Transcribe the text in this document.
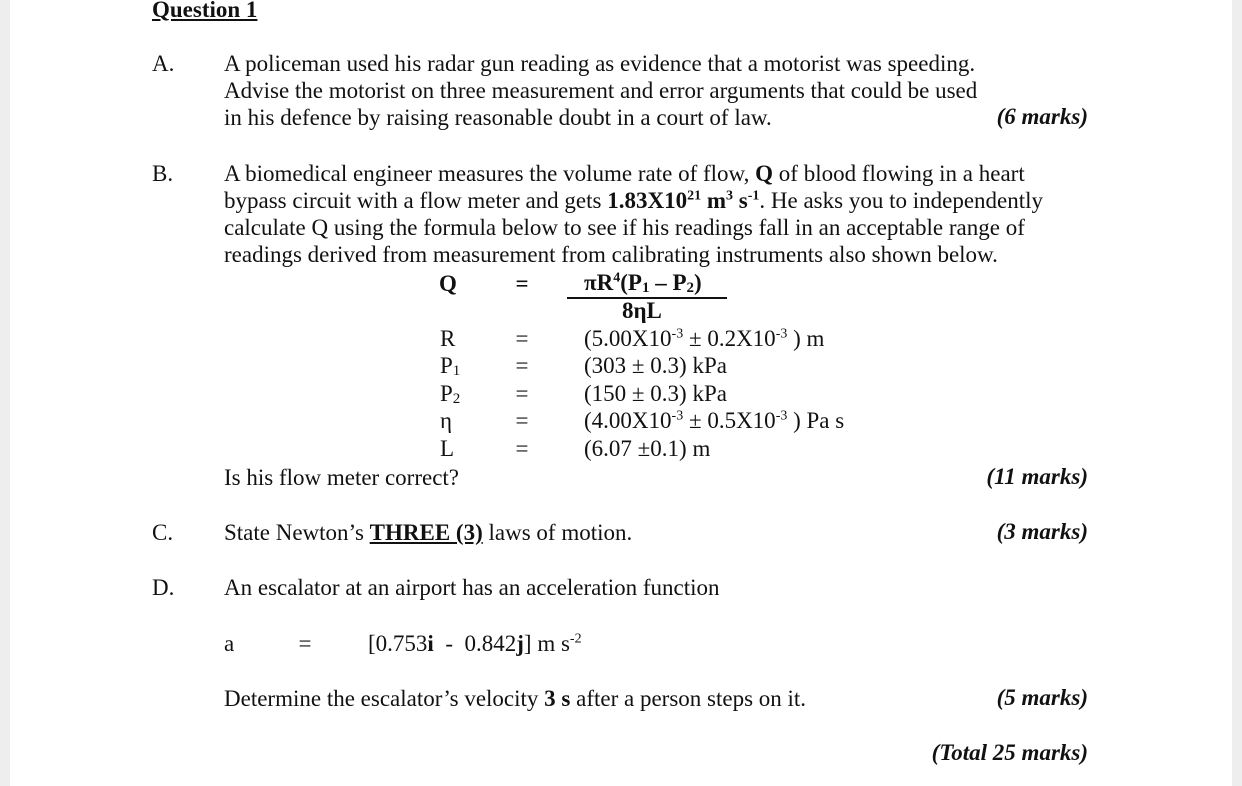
Question 1
A. A policeman used his radar gun reading as evidence that a motorist was speeding.
Advise the motorist on three measurement and error arguments that could be used
in his defence by raising reasonable doubt in a court of law.	(6 marks)
B. A biomedical engineer measures the volume rate of flow, Q of blood flowing in a heart
bypass circuit with a flow meter and gets $1.83X10^{21}$ $m^3$ $s^{-1}$. He asks you to independently
calculate Q using the formula below to see if his readings fall in an acceptable range of
readings derived from measurement from calibrating instruments also shown below.
Q	=	$\pi R^4(P_1 - P_2)$
8ηL
R	=	($5.00X10^{-3} \pm 0.2X10^{-3}$ ) m
$P_1$	=	(303 ± 0.3) kPa
$P_2$	=	(150 ± 0.3) kPa
η	=	($4.00X10^{-3} \pm 0.5X10^{-3}$ ) Pa s
L	=	(6.07 ±0.1) m
Is his flow meter correct?	(11 marks)
C. State Newton’s THREE (3) laws of motion.	(3 marks)
D. An escalator at an airport has an acceleration function
a	=	[0.753i  -  0.842j] m $s^{-2}$
Determine the escalator’s velocity 3 s after a person steps on it.	(5 marks)
(Total 25 marks)
